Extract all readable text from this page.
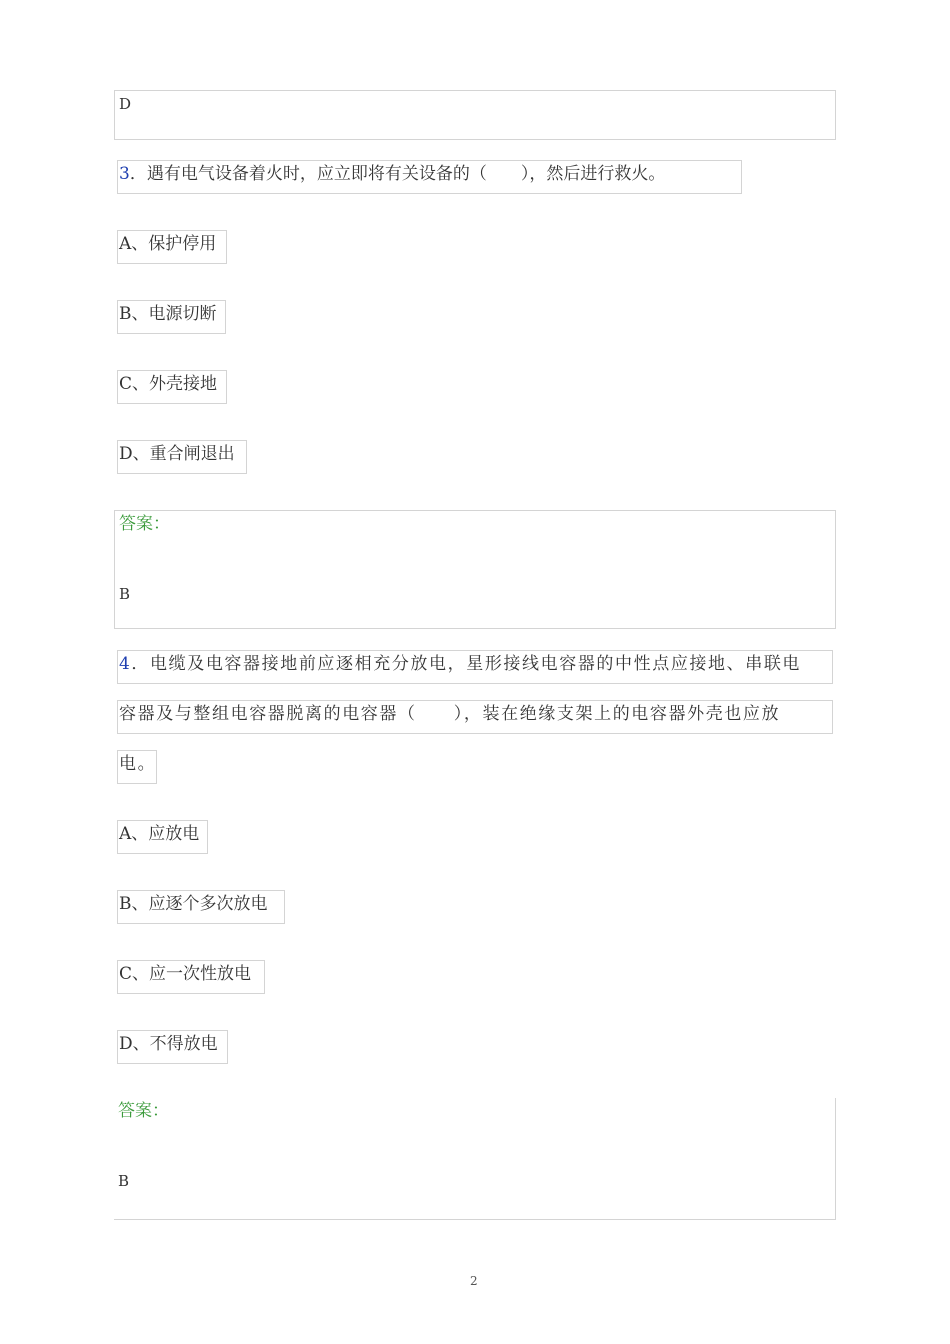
D
3．遇有电气设备着火时，应立即将有关设备的（　　），然后进行救火。
A、保护停用
B、电源切断
C、外壳接地
D、重合闸退出
答案：
B
4．电缆及电容器接地前应逐相充分放电，星形接线电容器的中性点应接地、串联电
容器及与整组电容器脱离的电容器（　　），装在绝缘支架上的电容器外壳也应放
电。
A、应放电
B、应逐个多次放电
C、应一次性放电
D、不得放电
答案：
B
2
